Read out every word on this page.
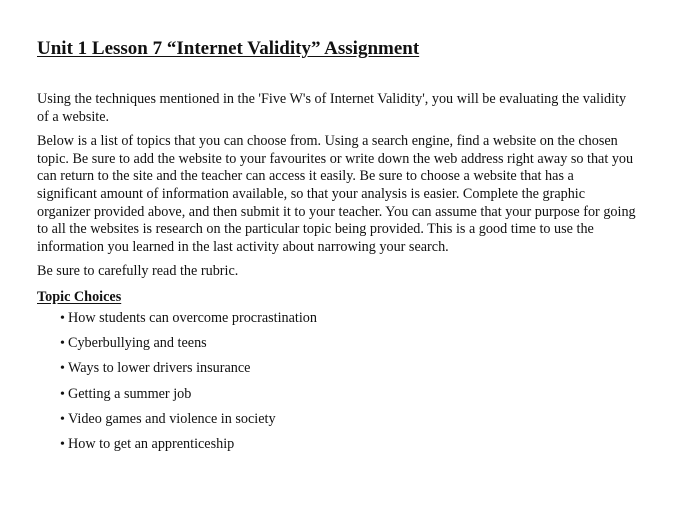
Unit 1 Lesson 7 “Internet Validity” Assignment

Using the techniques mentioned in the 'Five W's of Internet Validity', you will be evaluating the validity of a website.

Below is a list of topics that you can choose from. Using a search engine, find a website on the chosen topic. Be sure to add the website to your favourites or write down the web address right away so that you can return to the site and the teacher can access it easily. Be sure to choose a website that has a significant amount of information available, so that your analysis is easier. Complete the graphic organizer provided above, and then submit it to your teacher. You can assume that your purpose for going to all the websites is research on the particular topic being provided. This is a good time to use the information you learned in the last activity about narrowing your search.

Be sure to carefully read the rubric.

Topic Choices
• How students can overcome procrastination
• Cyberbullying and teens
• Ways to lower drivers insurance
• Getting a summer job
• Video games and violence in society
• How to get an apprenticeship
